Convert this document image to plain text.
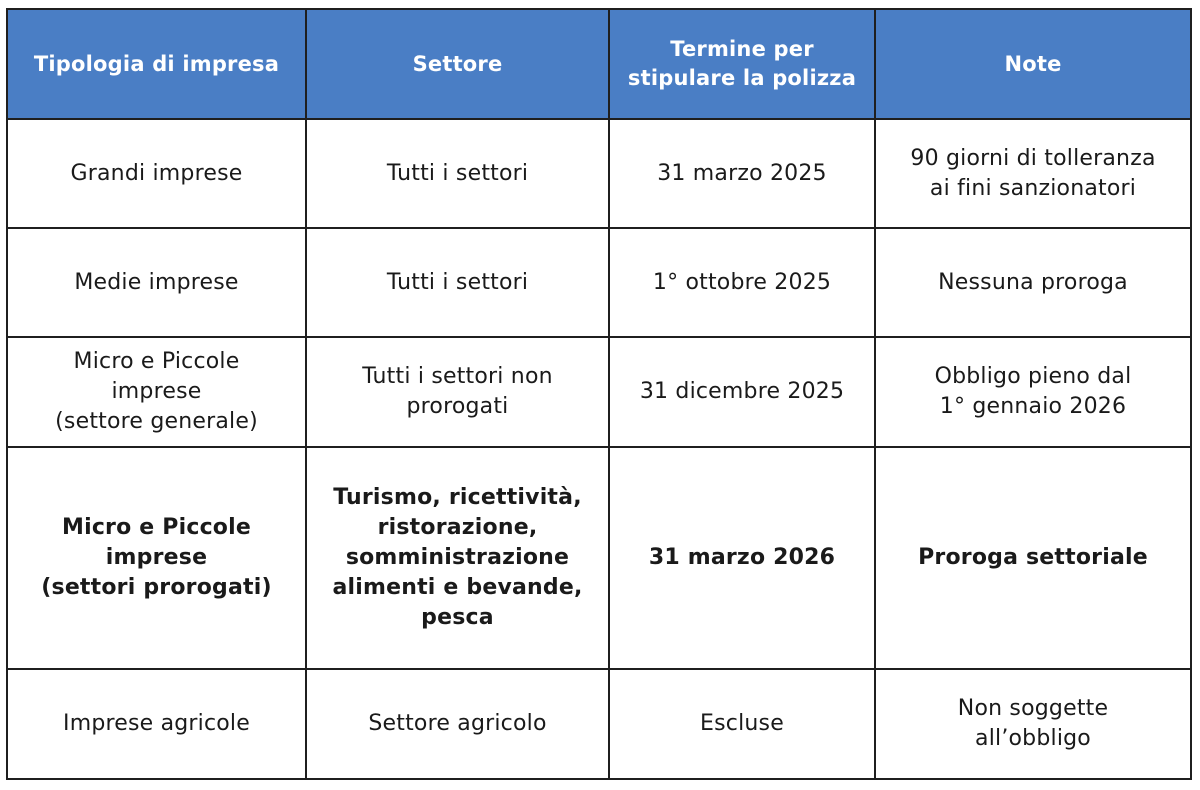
Tipologia di impresa	Settore	Termine per
stipulare la polizza	Note

Grandi imprese	Tutti i settori	31 marzo 2025	90 giorni di tolleranza
ai fini sanzionatori

Medie imprese	Tutti i settori	1° ottobre 2025	Nessuna proroga

Micro e Piccole
imprese
(settore generale)	Tutti i settori non
prorogati	31 dicembre 2025	Obbligo pieno dal
1° gennaio 2026

Micro e Piccole
imprese
(settori prorogati)	Turismo, ricettività,
ristorazione,
somministrazione
alimenti e bevande,
pesca	31 marzo 2026	Proroga settoriale

Imprese agricole	Settore agricolo	Escluse	Non soggette
all’obbligo
